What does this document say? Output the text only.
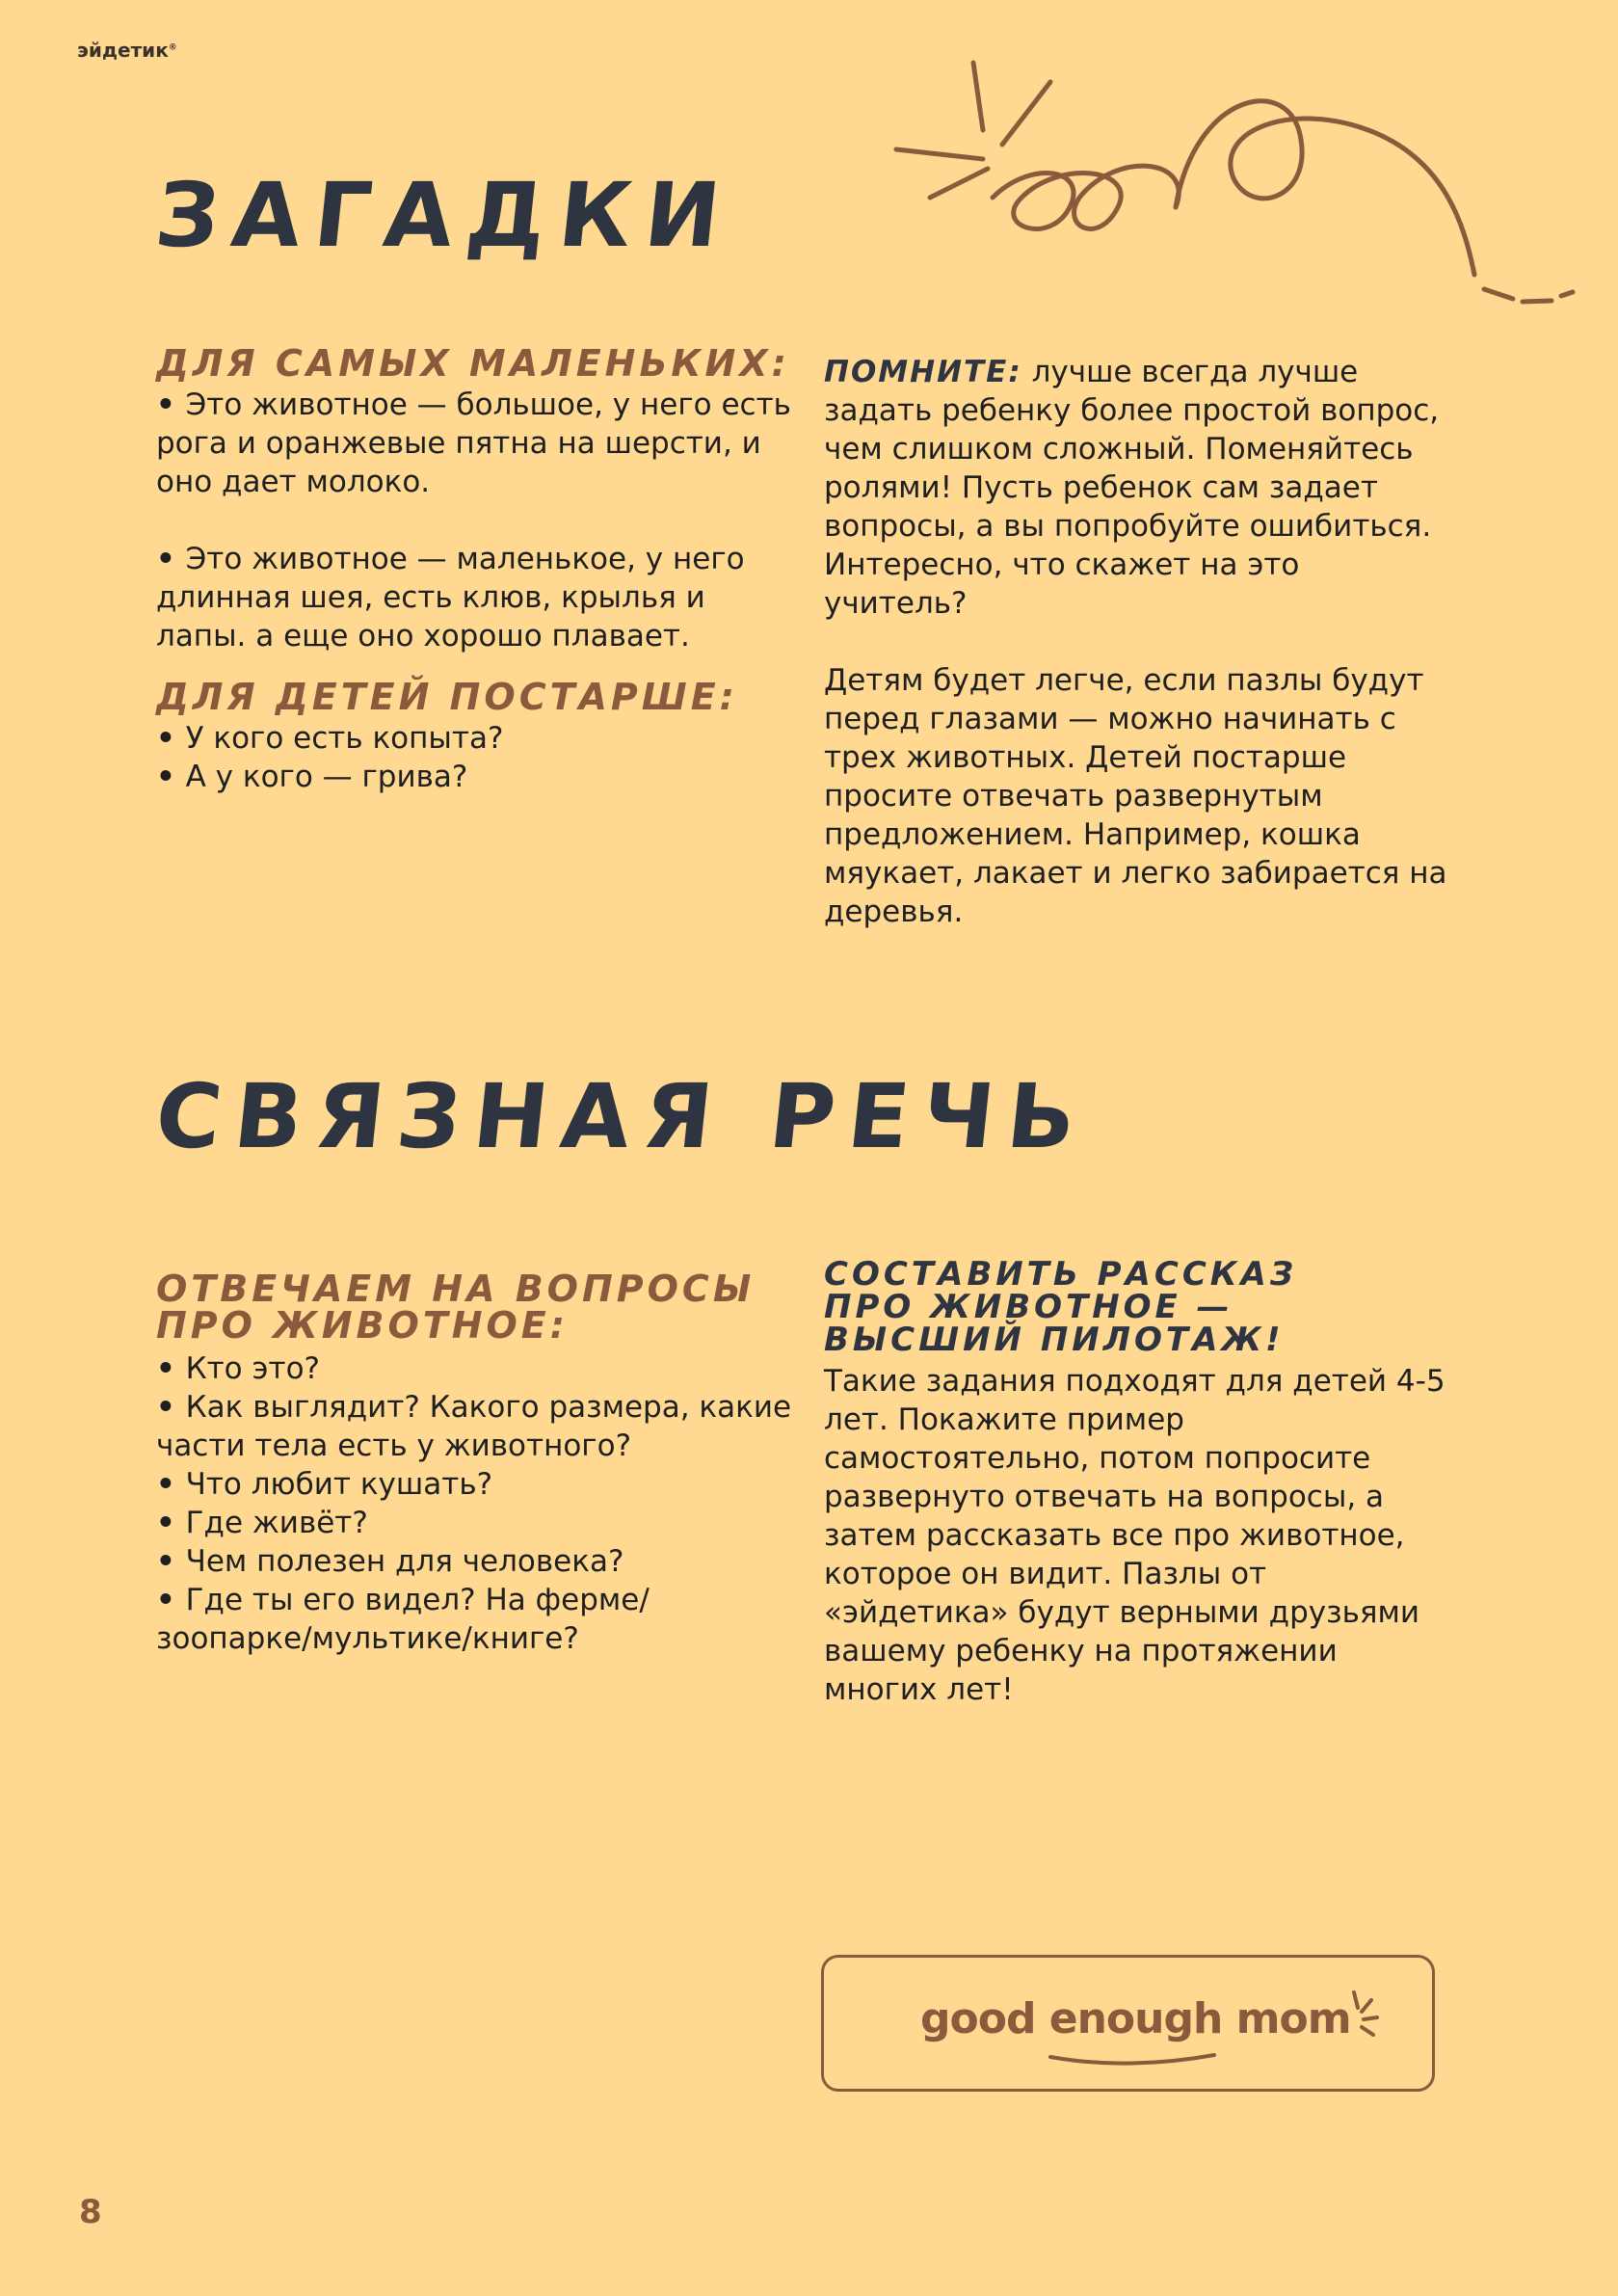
эйдетик®
ЗАГАДКИ
ДЛЯ САМЫХ МАЛЕНЬКИХ:

• Это животное — большое, у него есть рога и оранжевые пятна на шерсти, и оно дает молоко.

• Это животное — маленькое, у него длинная шея, есть клюв, крылья и лапы. а еще оно хорошо плавает.

ДЛЯ ДЕТЕЙ ПОСТАРШЕ:

• У кого есть копыта?

• А у кого — грива?

ПОМНИТЕ: лучше всегда лучше задать ребенку более простой вопрос, чем слишком сложный. Поменяйтесь ролями! Пусть ребенок сам задает вопросы, а вы попробуйте ошибиться. Интересно, что скажет на это учитель?

Детям будет легче, если пазлы будут перед глазами — можно начинать с трех животных. Детей постарше просите отвечать развернутым предложением. Например, кошка мяукает, лакает и легко забирается на деревья.

СВЯЗНАЯ РЕЧЬ
ОТВЕЧАЕМ НА ВОПРОСЫ
ПРО ЖИВОТНОЕ:

• Кто это?

• Как выглядит? Какого размера, какие части тела есть у животного?

• Что любит кушать?

• Где живёт?

• Чем полезен для человека?

• Где ты его видел? На ферме/ зоопарке/мультике/книге?

СОСТАВИТЬ РАССКАЗ
ПРО ЖИВОТНОЕ —
ВЫСШИЙ ПИЛОТАЖ!

Такие задания подходят для детей 4-5 лет. Покажите пример самостоятельно, потом попросите развернуто отвечать на вопросы, а затем рассказать все про животное, которое он видит. Пазлы от «эйдетика» будут верными друзьями вашему ребенку на протяжении многих лет!

good enough mom
8
